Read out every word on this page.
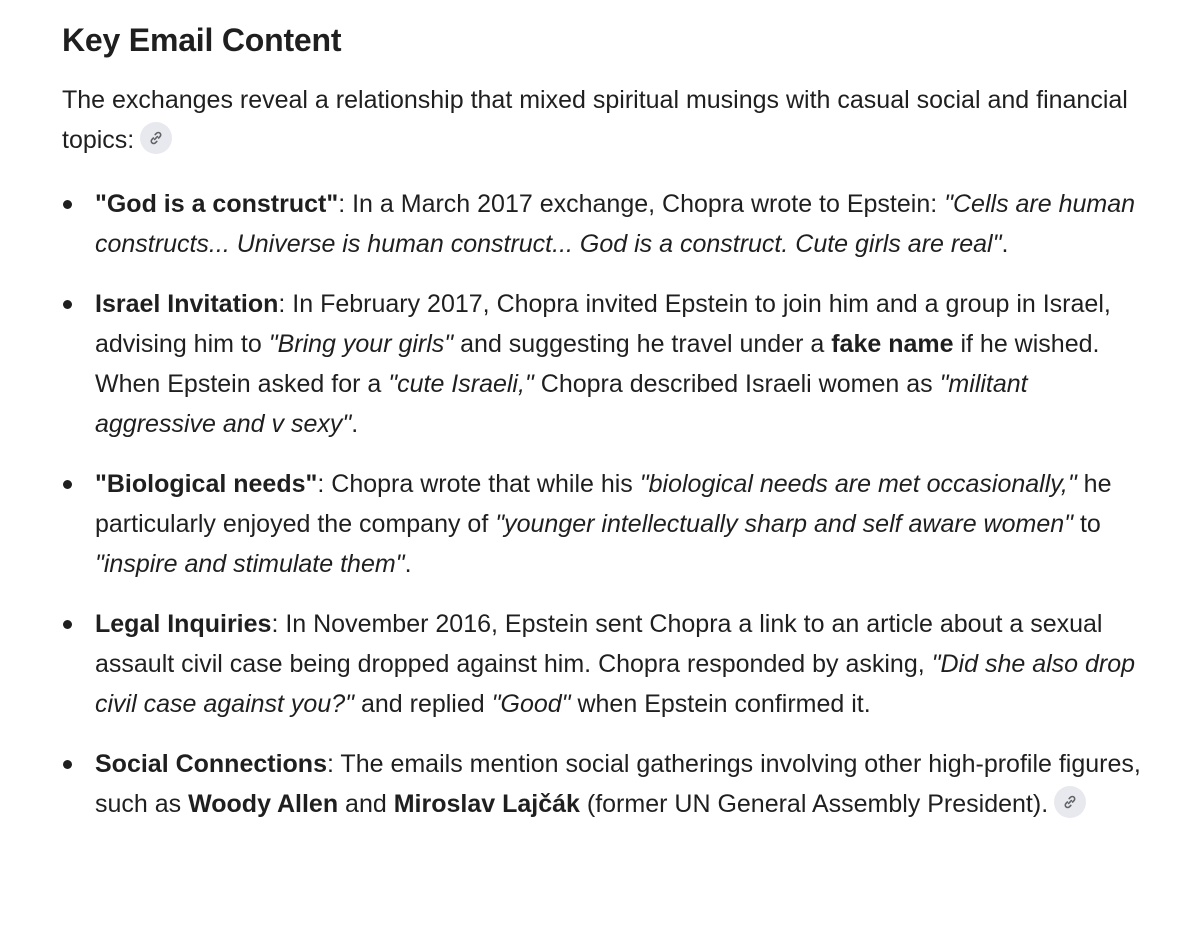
Key Email Content

The exchanges reveal a relationship that mixed spiritual musings with casual social and financial topics:

"God is a construct": In a March 2017 exchange, Chopra wrote to Epstein: "Cells are human constructs... Universe is human construct... God is a construct. Cute girls are real".
Israel Invitation: In February 2017, Chopra invited Epstein to join him and a group in Israel, advising him to "Bring your girls" and suggesting he travel under a fake name if he wished. When Epstein asked for a "cute Israeli," Chopra described Israeli women as "militant aggressive and v sexy".
"Biological needs": Chopra wrote that while his "biological needs are met occasionally," he particularly enjoyed the company of "younger intellectually sharp and self aware women" to "inspire and stimulate them".
Legal Inquiries: In November 2016, Epstein sent Chopra a link to an article about a sexual assault civil case being dropped against him. Chopra responded by asking, "Did she also drop civil case against you?" and replied "Good" when Epstein confirmed it.
Social Connections: The emails mention social gatherings involving other high-profile figures, such as Woody Allen and Miroslav Lajčák (former UN General Assembly President).
